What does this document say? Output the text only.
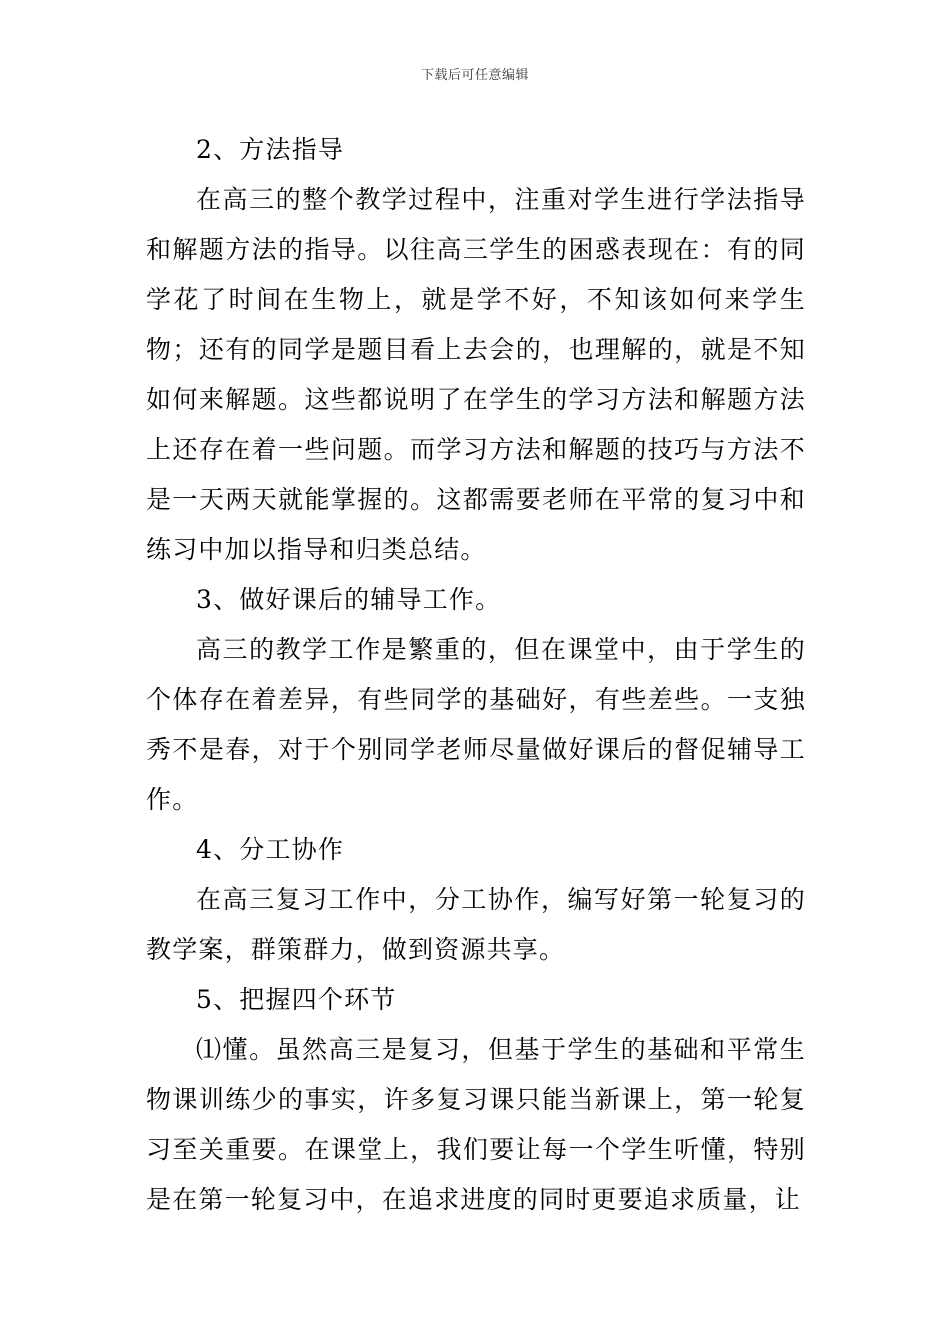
下载后可任意编辑

2、方法指导

在高三的整个教学过程中，注重对学生进行学法指导和解题方法的指导。以往高三学生的困惑表现在：有的同学花了时间在生物上，就是学不好，不知该如何来学生物；还有的同学是题目看上去会的，也理解的，就是不知如何来解题。这些都说明了在学生的学习方法和解题方法上还存在着一些问题。而学习方法和解题的技巧与方法不是一天两天就能掌握的。这都需要老师在平常的复习中和练习中加以指导和归类总结。

3、做好课后的辅导工作。

高三的教学工作是繁重的，但在课堂中，由于学生的个体存在着差异，有些同学的基础好，有些差些。一支独秀不是春，对于个别同学老师尽量做好课后的督促辅导工作。

4、分工协作

在高三复习工作中，分工协作，编写好第一轮复习的教学案，群策群力，做到资源共享。

5、把握四个环节

⑴懂。虽然高三是复习，但基于学生的基础和平常生物课训练少的事实，许多复习课只能当新课上，第一轮复习至关重要。在课堂上，我们要让每一个学生听懂，特别是在第一轮复习中，在追求进度的同时更要追求质量，让
